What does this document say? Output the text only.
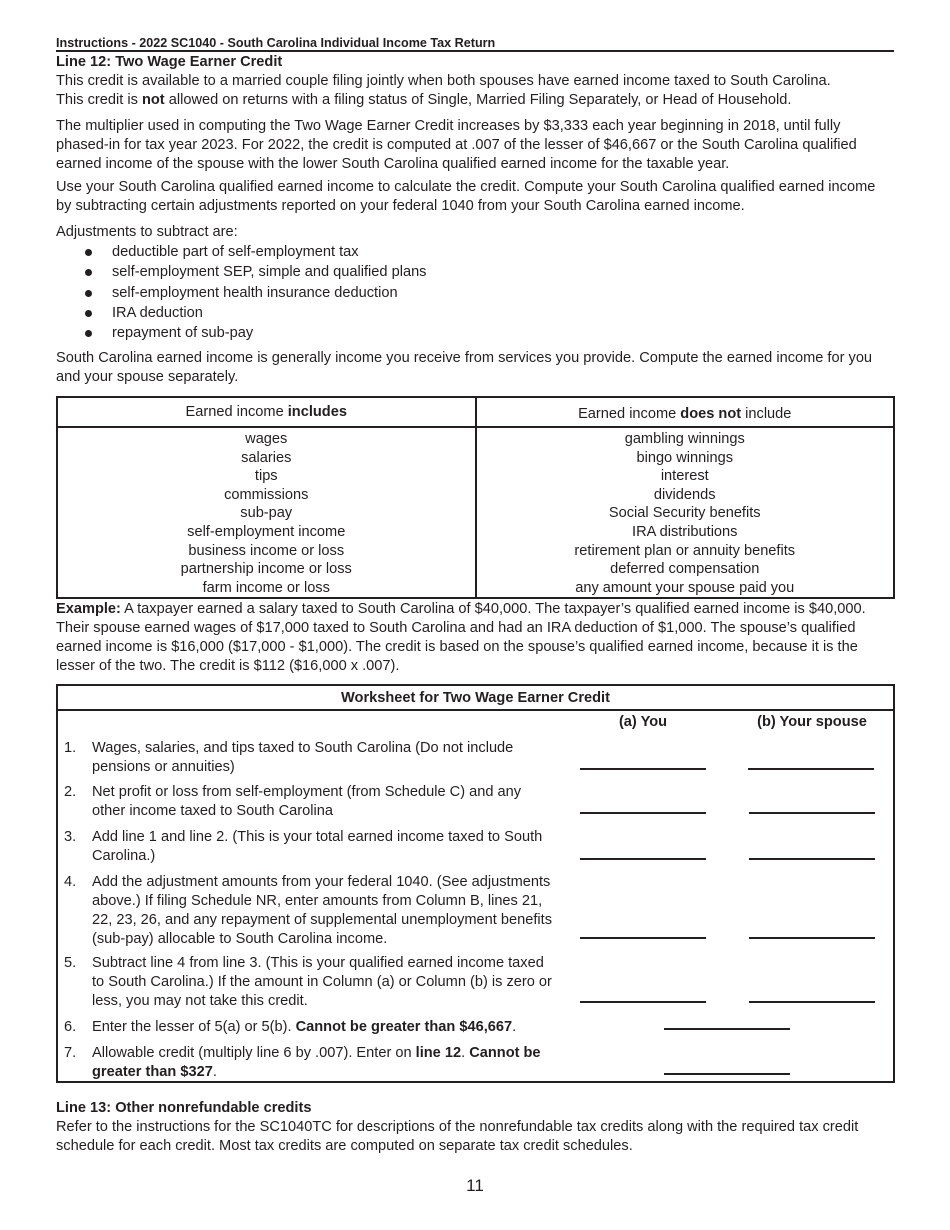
Instructions - 2022 SC1040 - South Carolina Individual Income Tax Return
Line 12: Two Wage Earner Credit

This credit is available to a married couple filing jointly when both spouses have earned income taxed to South Carolina.

This credit is not allowed on returns with a filing status of Single, Married Filing Separately, or Head of Household.

The multiplier used in computing the Two Wage Earner Credit increases by $3,333 each year beginning in 2018, until fully phased-in for tax year 2023. For 2022, the credit is computed at .007 of the lesser of $46,667 or the South Carolina qualified earned income of the spouse with the lower South Carolina qualified earned income for the taxable year.

Use your South Carolina qualified earned income to calculate the credit. Compute your South Carolina qualified earned income by subtracting certain adjustments reported on your federal 1040 from your South Carolina earned income.

Adjustments to subtract are:

deductible part of self-employment tax
self-employment SEP, simple and qualified plans
self-employment health insurance deduction
IRA deduction
repayment of sub-pay

South Carolina earned income is generally income you receive from services you provide. Compute the earned income for you and your spouse separately.

Earned income includes	Earned income does not include

wages
salaries
tips
commissions
sub-pay
self-employment income
business income or loss
partnership income or loss
farm income or loss

gambling winnings
bingo winnings
interest
dividends
Social Security benefits
IRA distributions
retirement plan or annuity benefits
deferred compensation
any amount your spouse paid you

Example: A taxpayer earned a salary taxed to South Carolina of $40,000. The taxpayer’s qualified earned income is $40,000. Their spouse earned wages of $17,000 taxed to South Carolina and had an IRA deduction of $1,000. The spouse’s qualified earned income is $16,000 ($17,000 - $1,000). The credit is based on the spouse’s qualified earned income, because it is the lesser of the two. The credit is $112 ($16,000 x .007).

Worksheet for Two Wage Earner Credit
(a) You	(b) Your spouse
1. Wages, salaries, and tips taxed to South Carolina (Do not include pensions or annuities)
2. Net profit or loss from self-employment (from Schedule C) and any other income taxed to South Carolina
3. Add line 1 and line 2. (This is your total earned income taxed to South Carolina.)
4. Add the adjustment amounts from your federal 1040. (See adjustments above.) If filing Schedule NR, enter amounts from Column B, lines 21, 22, 23, 26, and any repayment of supplemental unemployment benefits (sub-pay) allocable to South Carolina income.
5. Subtract line 4 from line 3. (This is your qualified earned income taxed to South Carolina.) If the amount in Column (a) or Column (b) is zero or less, you may not take this credit.
6. Enter the lesser of 5(a) or 5(b). Cannot be greater than $46,667.
7. Allowable credit (multiply line 6 by .007). Enter on line 12. Cannot be greater than $327.
Line 13: Other nonrefundable credits

Refer to the instructions for the SC1040TC for descriptions of the nonrefundable tax credits along with the required tax credit schedule for each credit. Most tax credits are computed on separate tax credit schedules.

11
